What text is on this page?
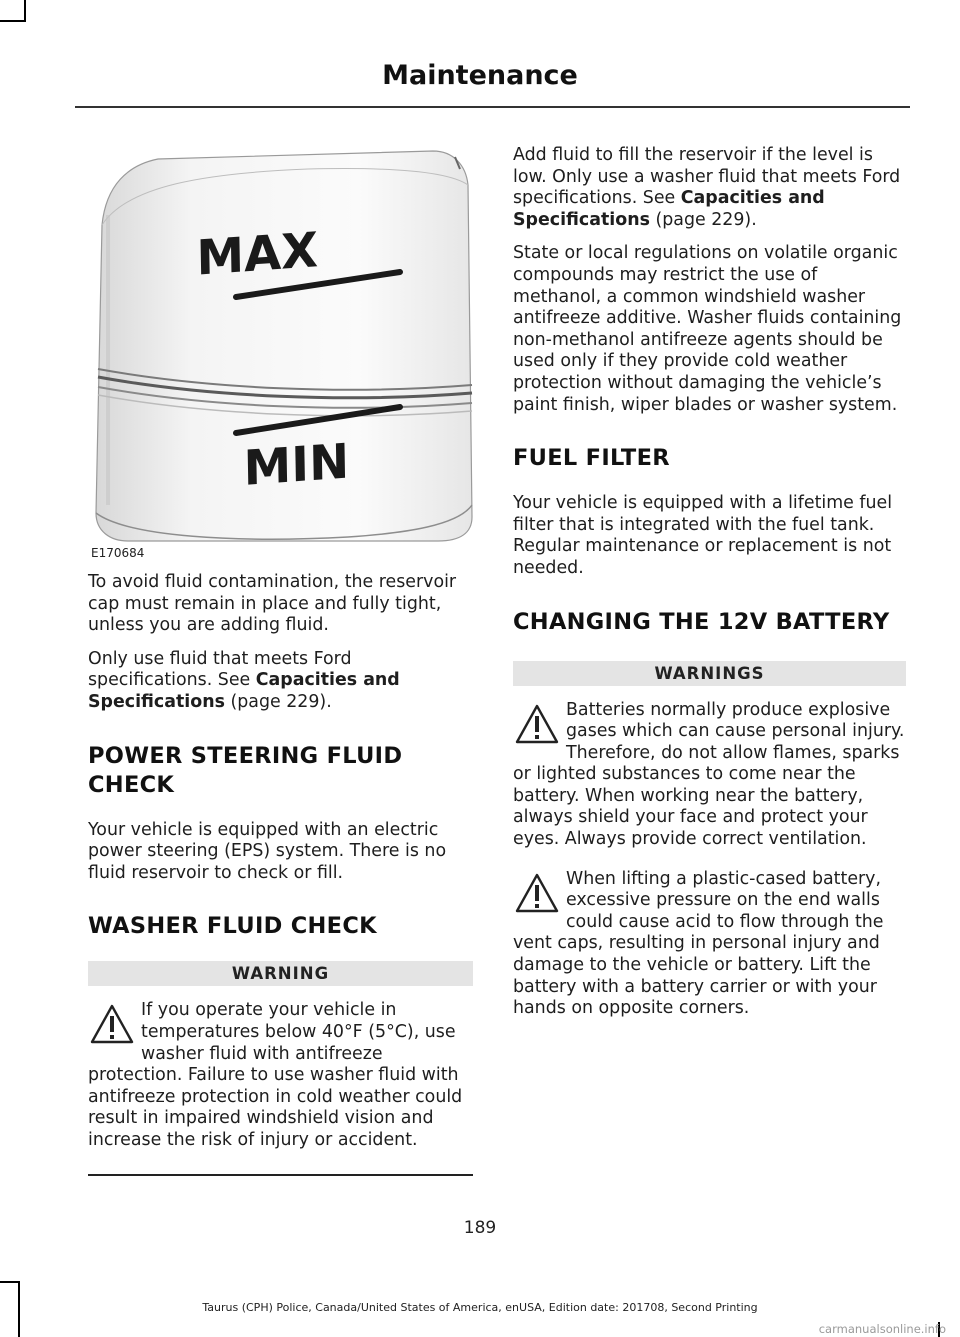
Maintenance
MAX
MIN
E170684

To avoid fluid contamination, the reservoir cap must remain in place and fully tight, unless you are adding fluid.

Only use fluid that meets Ford specifications. See Capacities and Specifications (page 229).

POWER STEERING FLUID CHECK

Your vehicle is equipped with an electric power steering (EPS) system. There is no fluid reservoir to check or fill.

WASHER FLUID CHECK
WARNING

If you operate your vehicle in temperatures below 40°F (5°C), use washer fluid with antifreeze protection. Failure to use washer fluid with antifreeze protection in cold weather could result in impaired windshield vision and increase the risk of injury or accident.

Add fluid to fill the reservoir if the level is low. Only use a washer fluid that meets Ford specifications. See Capacities and Specifications (page 229).

State or local regulations on volatile organic compounds may restrict the use of methanol, a common windshield washer antifreeze additive. Washer fluids containing non-methanol antifreeze agents should be used only if they provide cold weather protection without damaging the vehicle’s paint finish, wiper blades or washer system.

FUEL FILTER

Your vehicle is equipped with a lifetime fuel filter that is integrated with the fuel tank. Regular maintenance or replacement is not needed.

CHANGING THE 12V BATTERY
WARNINGS

Batteries normally produce explosive gases which can cause personal injury. Therefore, do not allow flames, sparks or lighted substances to come near the battery. When working near the battery, always shield your face and protect your eyes. Always provide correct ventilation.

When lifting a plastic-cased battery, excessive pressure on the end walls could cause acid to flow through the vent caps, resulting in personal injury and damage to the vehicle or battery. Lift the battery with a battery carrier or with your hands on opposite corners.

189
Taurus (CPH) Police, Canada/United States of America, enUSA, Edition date: 201708, Second Printing
carmanualsonline.info
